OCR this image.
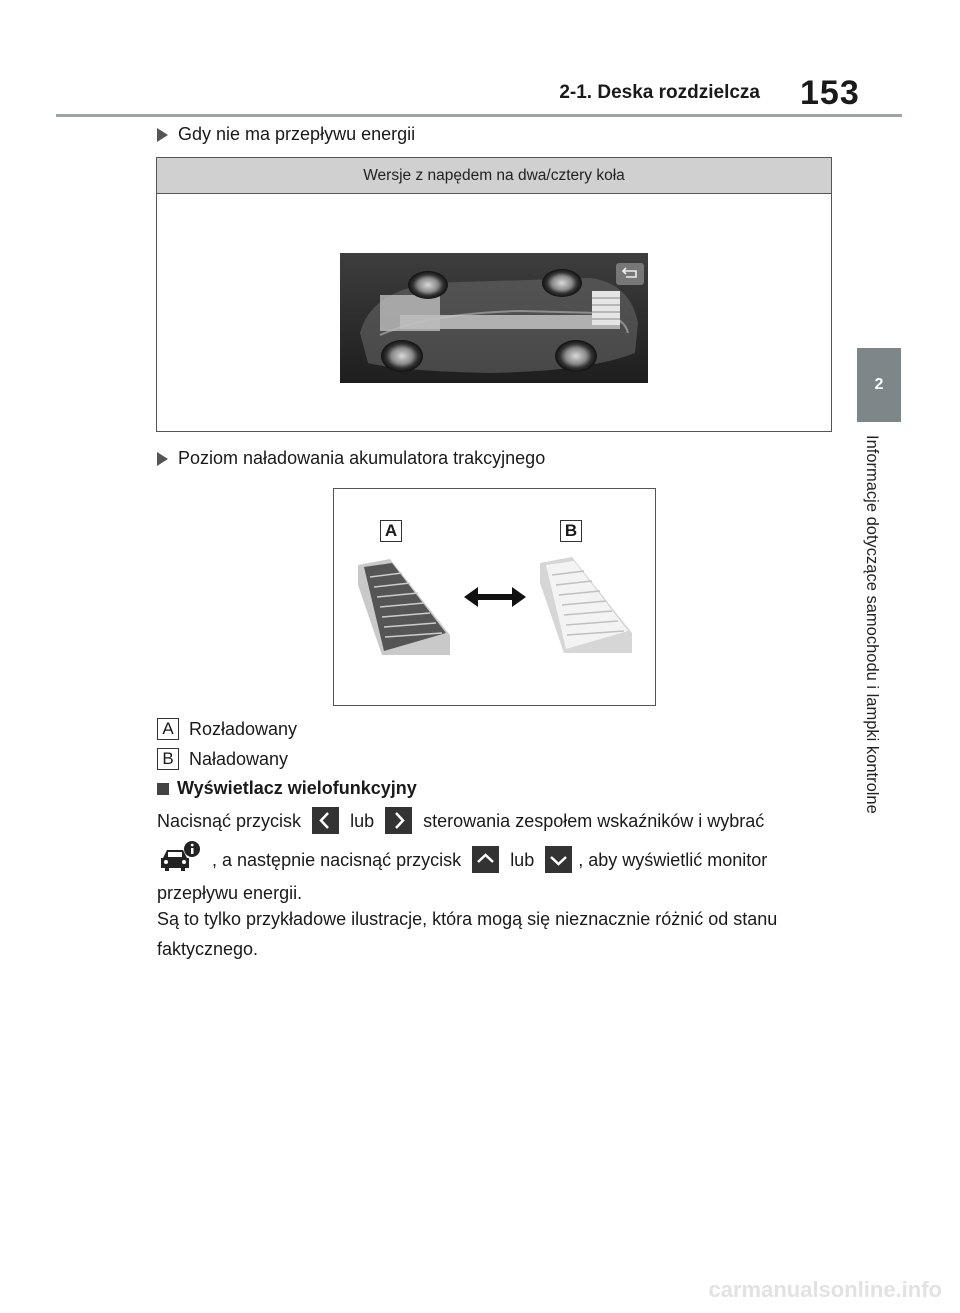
2-1. Deska rozdzielcza 153
2
Informacje dotyczące samochodu i lampki kontrolne
Gdy nie ma przepływu energii
Wersje z napędem na dwa/cztery koła
Poziom naładowania akumulatora trakcyjnego
A	B
A Rozładowany
B Naładowany
Wyświetlacz wielofunkcyjny
Nacisnąć przycisk	lub	sterowania zespołem wskaźników i wybrać
, a następnie nacisnąć przycisk	lub , aby wyświetlić monitor przepływu energii.
Są to tylko przykładowe ilustracje, która mogą się nieznacznie różnić od stanu faktycznego.
carmanualsonline.info
